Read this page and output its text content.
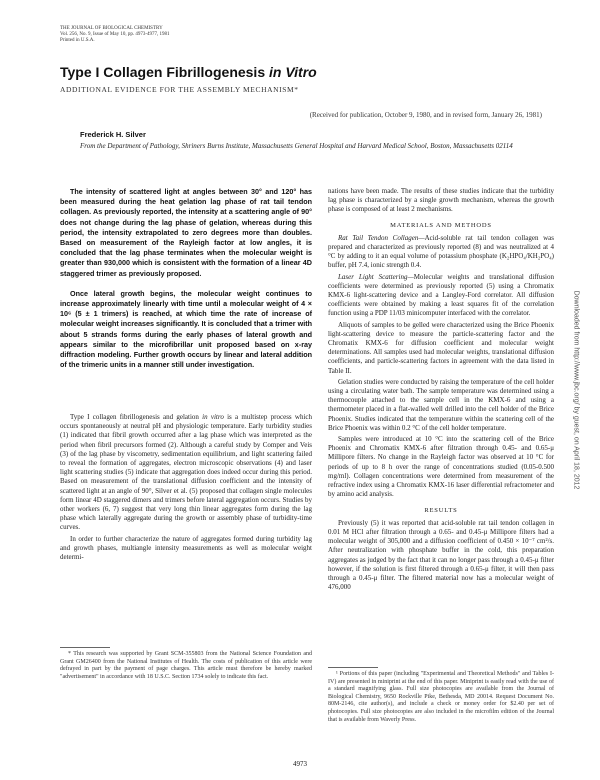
THE JOURNAL OF BIOLOGICAL CHEMISTRY
Vol. 256, No. 9, Issue of May 10, pp. 4973-4977, 1981
Printed in U.S.A.
Type I Collagen Fibrillogenesis in Vitro
ADDITIONAL EVIDENCE FOR THE ASSEMBLY MECHANISM*
(Received for publication, October 9, 1980, and in revised form, January 26, 1981)
Frederick H. Silver
From the Department of Pathology, Shriners Burns Institute, Massachusetts General Hospital and Harvard Medical School, Boston, Massachusetts 02114

The intensity of scattered light at angles between 30° and 120° has been measured during the heat gelation lag phase of rat tail tendon collagen. As previously reported, the intensity at a scattering angle of 90° does not change during the lag phase of gelation, whereas during this period, the intensity extrapolated to zero degrees more than doubles. Based on measurement of the Rayleigh factor at low angles, it is concluded that the lag phase terminates when the molecular weight is greater than 930,000 which is consistent with the formation of a linear 4D staggered trimer as previously proposed.

Once lateral growth begins, the molecular weight continues to increase approximately linearly with time until a molecular weight of 4 × 10⁶ (5 ± 1 trimers) is reached, at which time the rate of increase of molecular weight increases significantly. It is concluded that a trimer with about 5 strands forms during the early phases of lateral growth and appears similar to the microfibrillar unit proposed based on x-ray diffraction modeling. Further growth occurs by linear and lateral addition of the trimeric units in a manner still under investigation.

Type I collagen fibrillogenesis and gelation in vitro is a multistep process which occurs spontaneously at neutral pH and physiologic temperature. Early turbidity studies (1) indicated that fibril growth occurred after a lag phase which was interpreted as the period when fibril precursors formed (2). Although a careful study by Comper and Veis (3) of the lag phase by viscometry, sedimentation equilibrium, and light scattering failed to reveal the formation of aggregates, electron microscopic observations (4) and laser light scattering studies (5) indicate that aggregation does indeed occur during this period. Based on measurement of the translational diffusion coefficient and the intensity of scattered light at an angle of 90°, Silver et al. (5) proposed that collagen single molecules form linear 4D staggered dimers and trimers before lateral aggregation occurs. Studies by other workers (6, 7) suggest that very long thin linear aggregates form during the lag phase which laterally aggregate during the growth or assembly phase of turbidity-time curves.

In order to further characterize the nature of aggregates formed during turbidity lag and growth phases, multiangle intensity measurements as well as molecular weight determi-

* This research was supported by Grant SCM-355803 from the National Science Foundation and Grant GM26400 from the National Institutes of Health. The costs of publication of this article were defrayed in part by the payment of page charges. This article must therefore be hereby marked "advertisement" in accordance with 18 U.S.C. Section 1734 solely to indicate this fact.

nations have been made. The results of these studies indicate that the turbidity lag phase is characterized by a single growth mechanism, whereas the growth phase is composed of at least 2 mechanisms.

MATERIALS AND METHODS

Rat Tail Tendon Collagen—Acid-soluble rat tail tendon collagen was prepared and characterized as previously reported (8) and was neutralized at 4 °C by adding to it an equal volume of potassium phosphate (K₂HPO₄/KH₂PO₄) buffer, pH 7.4, ionic strength 0.4.

Laser Light Scattering—Molecular weights and translational diffusion coefficients were determined as previously reported (5) using a Chromatix KMX-6 light-scattering device and a Langley-Ford correlator. All diffusion coefficients were obtained by making a least squares fit of the correlation function using a PDP 11/03 minicomputer interfaced with the correlator.

Aliquots of samples to be gelled were characterized using the Brice Phoenix light-scattering device to measure the particle-scattering factor and the Chromatix KMX-6 for diffusion coefficient and molecular weight determinations. All samples used had molecular weights, translational diffusion coefficients, and particle-scattering factors in agreement with the data listed in Table II.

Gelation studies were conducted by raising the temperature of the cell holder using a circulating water bath. The sample temperature was determined using a thermocouple attached to the sample cell in the KMX-6 and using a thermometer placed in a flat-walled well drilled into the cell holder of the Brice Phoenix. Studies indicated that the temperature within the scattering cell of the Brice Phoenix was within 0.2 °C of the cell holder temperature.

Samples were introduced at 10 °C into the scattering cell of the Brice Phoenix and Chromatix KMX-6 after filtration through 0.45- and 0.65-μ Millipore filters. No change in the Rayleigh factor was observed at 10 °C for periods of up to 8 h over the range of concentrations studied (0.05-0.500 mg/ml). Collagen concentrations were determined from measurement of the refractive index using a Chromatix KMX-16 laser differential refractometer and by amino acid analysis.

RESULTS

Previously (5) it was reported that acid-soluble rat tail tendon collagen in 0.01 M HCl after filtration through a 0.65- and 0.45-μ Millipore filters had a molecular weight of 305,000 and a diffusion coefficient of 0.450 × 10⁻⁷ cm²/s. After neutralization with phosphate buffer in the cold, this preparation aggregates as judged by the fact that it can no longer pass through a 0.45-μ filter however, if the solution is first filtered through a 0.65-μ filter, it will then pass through a 0.45-μ filter. The filtered material now has a molecular weight of 476,000

¹ Portions of this paper (including "Experimental and Theoretical Methods" and Tables I-IV) are presented in miniprint at the end of this paper. Miniprint is easily read with the use of a standard magnifying glass. Full size photocopies are available from the Journal of Biological Chemistry, 9650 Rockville Pike, Bethesda, MD 20014. Request Document No. 80M-2146, cite author(s), and include a check or money order for $2.40 per set of photocopies. Full size photocopies are also included in the microfilm edition of the Journal that is available from Waverly Press.

4973
Downloaded from http://www.jbc.org/ by guest, on April 18, 2012
